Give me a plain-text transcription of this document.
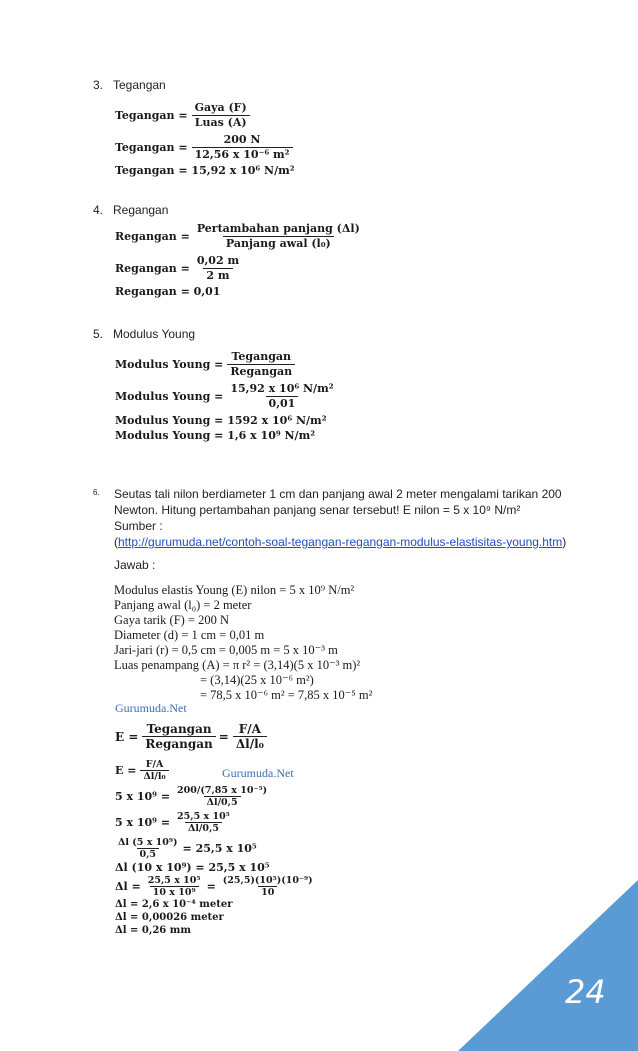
3. Tegangan
Tegangan = $\frac{\text{Gaya (F)}}{\text{Luas (A)}}$
Tegangan = $\frac{200 N}{\text{12,56 x 10⁻⁶ m²}}$
Tegangan = 15,92 x 10⁶ N/m²
4. Regangan
Regangan = $\frac{\text{Pertambahan panjang (Δl)}}{\text{Panjang awal (l₀)}}$
Regangan = $\frac{0,02 m}{2 m}$
Regangan = 0,01
5. Modulus Young
Modulus Young = $\frac{\text{Tegangan}}{\text{Regangan}}$
Modulus Young = $\frac{\text{15,92 x 10⁶ N/m²}}{0,01}$
Modulus Young = 1592 x 10⁶ N/m²
Modulus Young = 1,6 x 10⁹ N/m²
6. Seutas tali nilon berdiameter 1 cm dan panjang awal 2 meter mengalami tarikan 200
Newton. Hitung pertambahan panjang senar tersebut! E nilon = 5 x 10⁹ N/m²
Sumber :
(http://gurumuda.net/contoh-soal-tegangan-regangan-modulus-elastisitas-young.htm)
Jawab :
Modulus elastis Young (E) nilon = 5 x 10⁹ N/m²
Panjang awal (l₀) = 2 meter
Gaya tarik (F) = 200 N
Diameter (d) = 1 cm = 0,01 m
Jari-jari (r) = 0,5 cm = 0,005 m = 5 x 10⁻³ m
Luas penampang (A) = π r² = (3,14)(5 x 10⁻³ m)²
= (3,14)(25 x 10⁻⁶ m²)
= 78,5 x 10⁻⁶ m² = 7,85 x 10⁻⁵ m²
Gurumuda.Net
$E = \frac{\text{Tegangan}}{\text{Regangan}} = \frac{F/A}{\text{Δl/l₀}}$
$E = \frac{F/A}{\text{Δl/l₀}}$
5 x $10^9 = \frac{\text{200/(7,85 x 10⁻⁵)}}{\Delta l/0,5}$
5 x $10^9 = \frac{\text{25,5 x 10⁵}}{\Delta l/0,5}$
$\frac{\text{Δl (5 x 10⁹)}}{0,5} = 25,5$ x 10⁵
Δl (10 x 10⁹) = 25,5 x 10⁵
$\Delta l = \frac{\text{25,5 x 10⁵}}{\text{10 x 10⁹}} = \frac{\text{(25,5)(10⁵)(10⁻⁹)}}{10}$
Δl = 2,6 x 10⁻⁴ meter
Δl = 0,00026 meter
Δl = 0,26 mm
Gurumuda.Net
24
